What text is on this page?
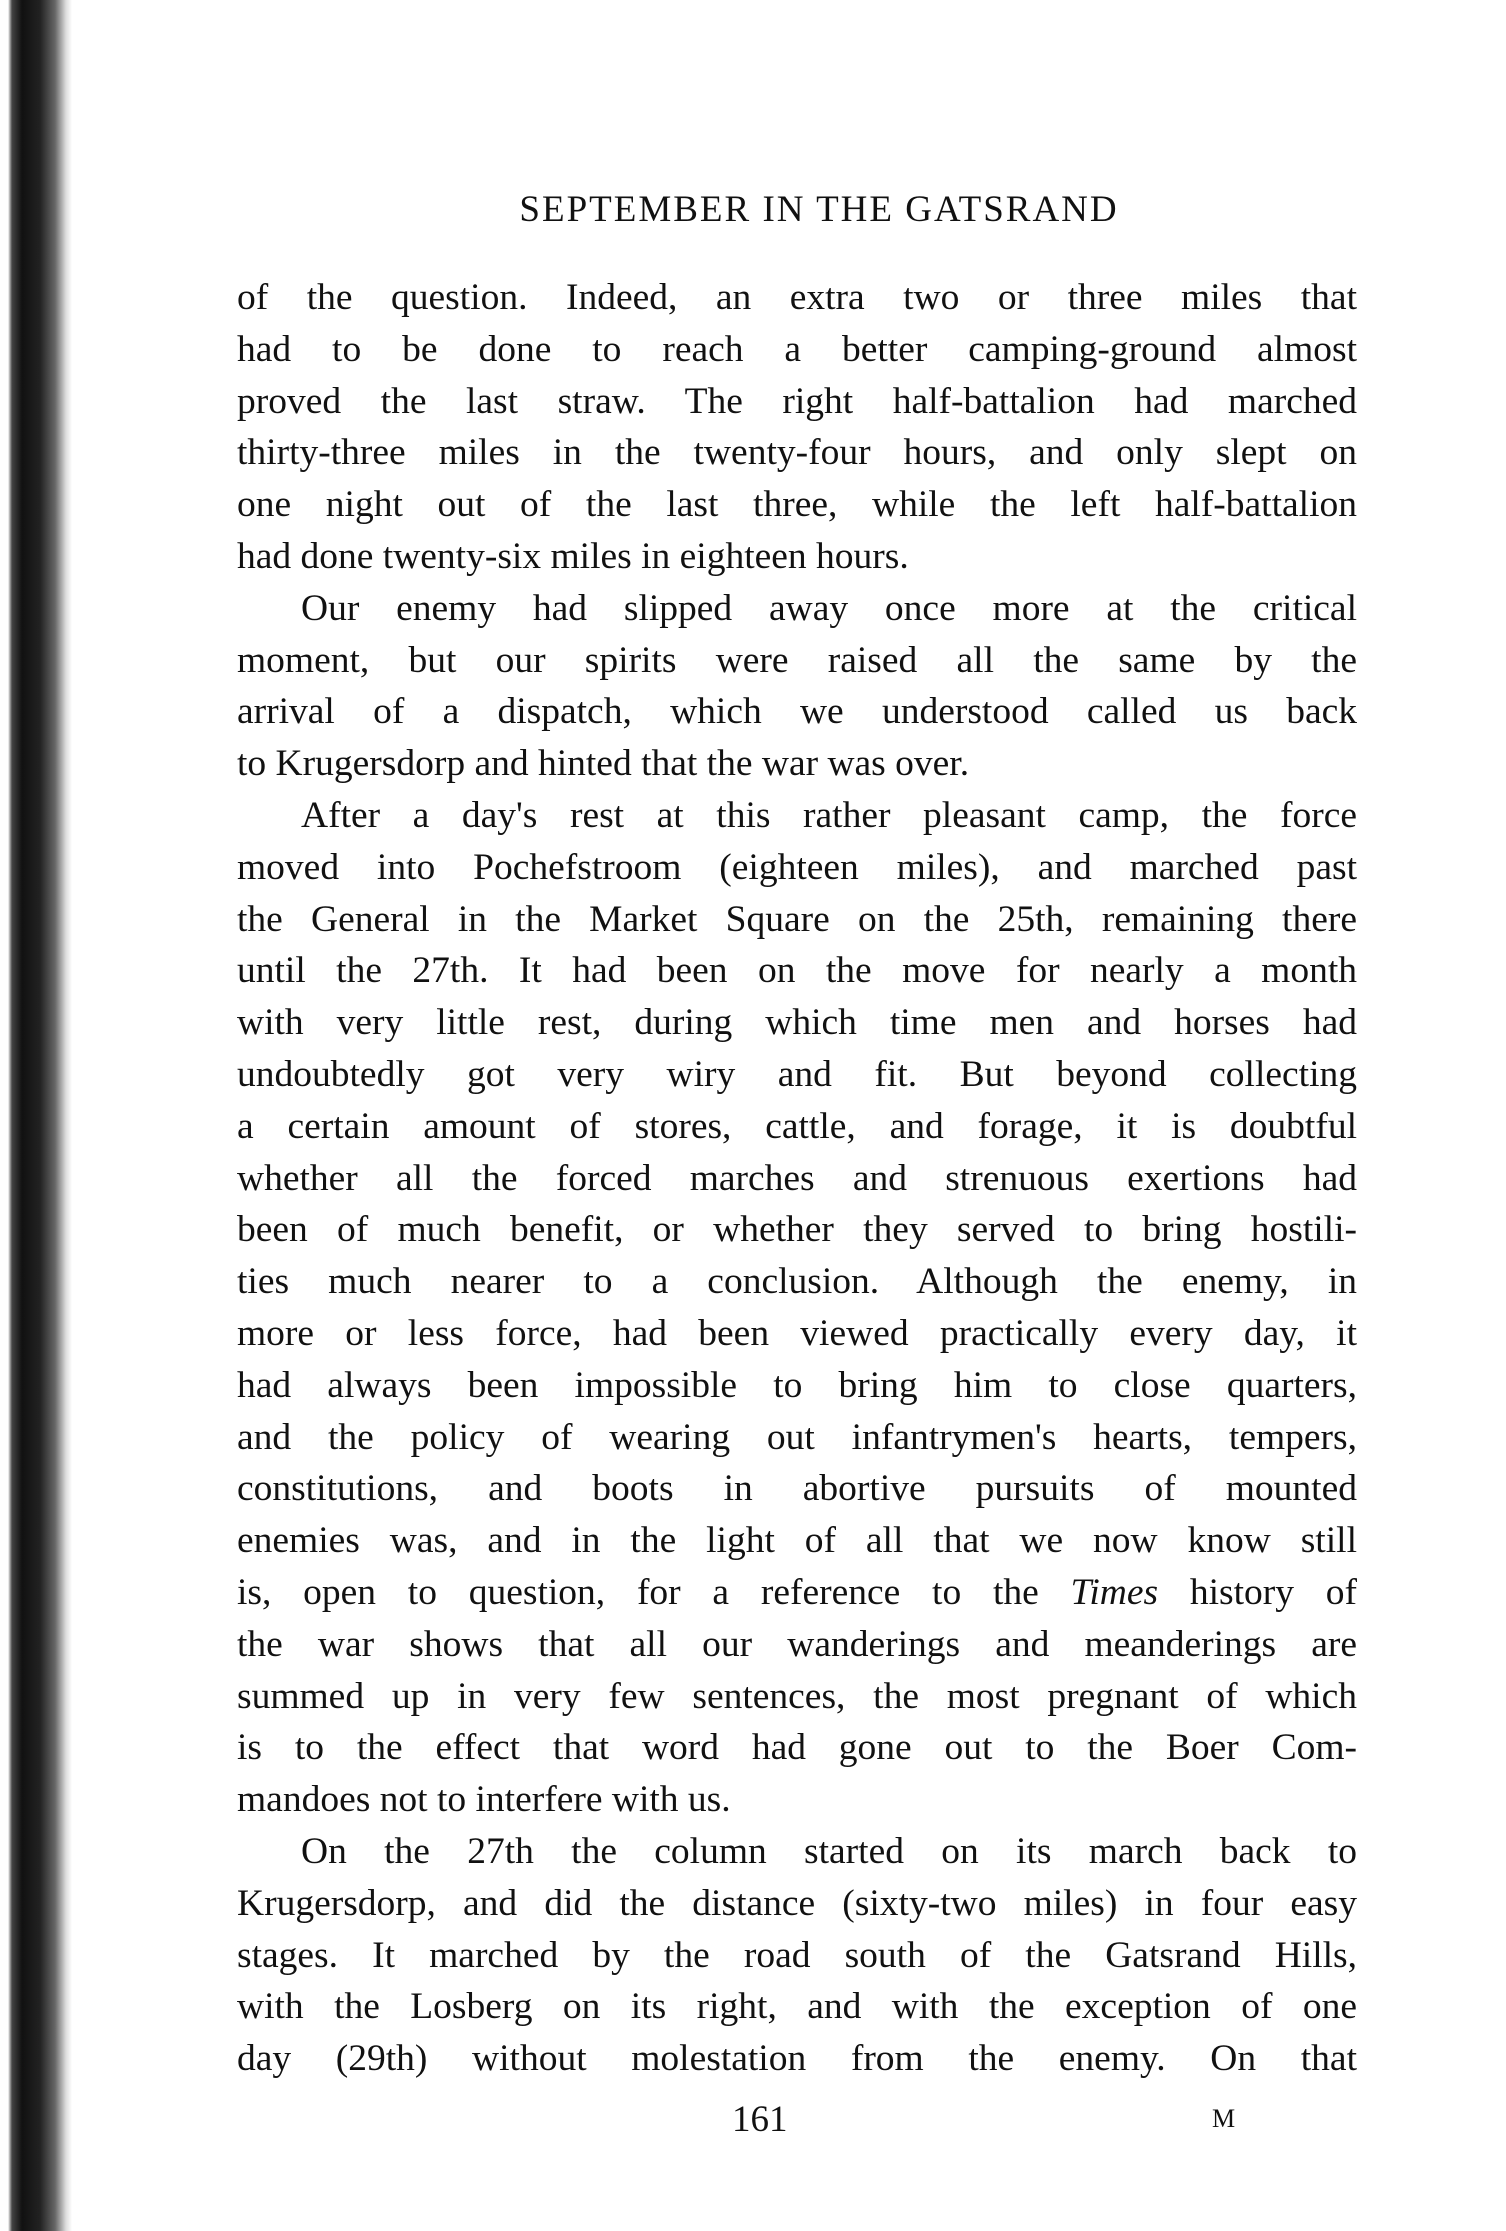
SEPTEMBER IN THE GATSRAND
of the question. Indeed, an extra two or three miles that
had to be done to reach a better camping-ground almost
proved the last straw. The right half-battalion had marched
thirty-three miles in the twenty-four hours, and only slept on
one night out of the last three, while the left half-battalion
had done twenty-six miles in eighteen hours.
Our enemy had slipped away once more at the critical
moment, but our spirits were raised all the same by the
arrival of a dispatch, which we understood called us back
to Krugersdorp and hinted that the war was over.
After a day's rest at this rather pleasant camp, the force
moved into Pochefstroom (eighteen miles), and marched past
the General in the Market Square on the 25th, remaining there
until the 27th. It had been on the move for nearly a month
with very little rest, during which time men and horses had
undoubtedly got very wiry and fit. But beyond collecting
a certain amount of stores, cattle, and forage, it is doubtful
whether all the forced marches and strenuous exertions had
been of much benefit, or whether they served to bring hostili-
ties much nearer to a conclusion. Although the enemy, in
more or less force, had been viewed practically every day, it
had always been impossible to bring him to close quarters,
and the policy of wearing out infantrymen's hearts, tempers,
constitutions, and boots in abortive pursuits of mounted
enemies was, and in the light of all that we now know still
is, open to question, for a reference to the Times history of
the war shows that all our wanderings and meanderings are
summed up in very few sentences, the most pregnant of which
is to the effect that word had gone out to the Boer Com-
mandoes not to interfere with us.
On the 27th the column started on its march back to
Krugersdorp, and did the distance (sixty-two miles) in four easy
stages. It marched by the road south of the Gatsrand Hills,
with the Losberg on its right, and with the exception of one
day (29th) without molestation from the enemy. On that
161	M
